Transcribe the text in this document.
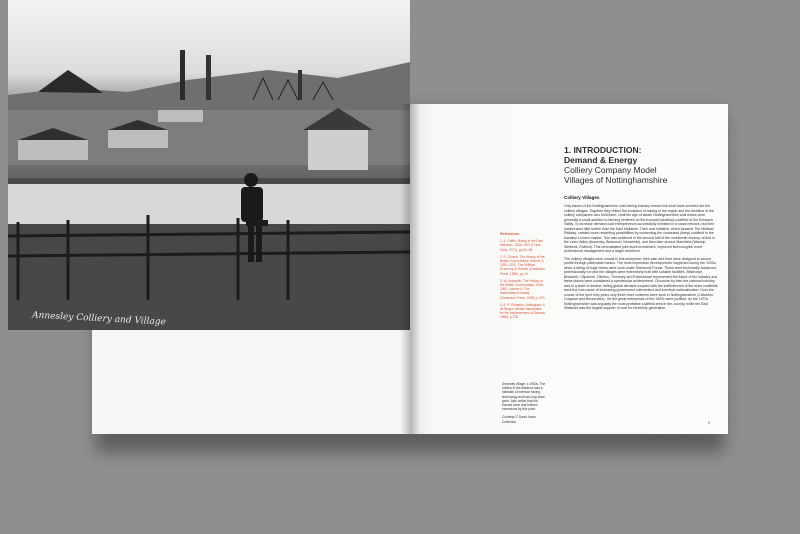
Annesley Colliery and Village
References
1. A. Griffin, Mining in the East Midlands, 1550–1947 (Frank Cass, 1971), pp.62–66.
2. R. Church, The History of the British Coal Industry, Volume 3: 1830–1913, The Political Economy of Growth (Clarendon Press, 1986), pp.14.
3. W. Ashworth, The History of the British Coal Industry, 1946–1982, Volume 5: The Nationalised Industry (Clarendon Press, 1986), p.423.
4. A. R. Edwards, Nottingham & its Region (British Association for the Advancement of Science, 1966), p.378.
Annesley village, c.1930s. The colliery in the distance was a hallmark of interwar mining technology and has long since gone. Also notice that the houses have rear kitchen extensions by this point.
Courtesy © David Amos Collection
1. INTRODUCTION:
Demand & Energy
Colliery Company Model Villages of Nottinghamshire
Colliery Villages

Only traces of the Nottinghamshire coal-mining industry remain but what have survived are the colliery villages. Together they reflect the evolution of mining in the region and the ambition of the colliery companies who built them. Until the age of steam Nottinghamshire coal mines were generally a small addition to farming centered on the exposed (shallow) coalfield of the Erewash Valley. To increase demand coal entrepreneurs successfully invested in a canal network, but their market went little further than the East Midlands. Their next initiative, which became The Midland Railway, created more rewarding possibilities by connecting the concealed (deep) coalfield to the lucrative London market. This was achieved in the second half of the nineteenth century, at first in the Leen Valley (Annesley, Bestwood, Newstead), and then later around Mansfield (Warsop, Welbeck, Rufford). This necessitated joint stock investment, improved technologies, more professional management and a larger workforce.

The colliery villages were crucial to this enterprise; their plan and form were designed to secure profits through paternalist means. The most impressive developments happened during the 1920s, when a string of huge mines were sunk under Sherwood Forest. These were technically advanced, professionally run and the villages were extensively built with suitable facilities. Bilsthorpe, Blidworth, Clipstone, Ollerton, Thoresby and Edwinstowe represented the future of the industry and these places were considered a spectacular achievement. Of course by then the national industry was in a state of decline; falling global demand coupled with the inefficiencies of the older coalfields were the root cause of increasing government intervention and eventual nationalisation. Over the course of the next forty years only three more collieries were sunk in Nottinghamshire (Calverton, Cotgrave and Bevercotes). Yet the great enterprises of the 1920s were justified: by the 1970s Nottinghamshire was arguably the most profitable coalfield area in the country, while the East Midlands was the largest supplier of coal for electricity generation.

9
